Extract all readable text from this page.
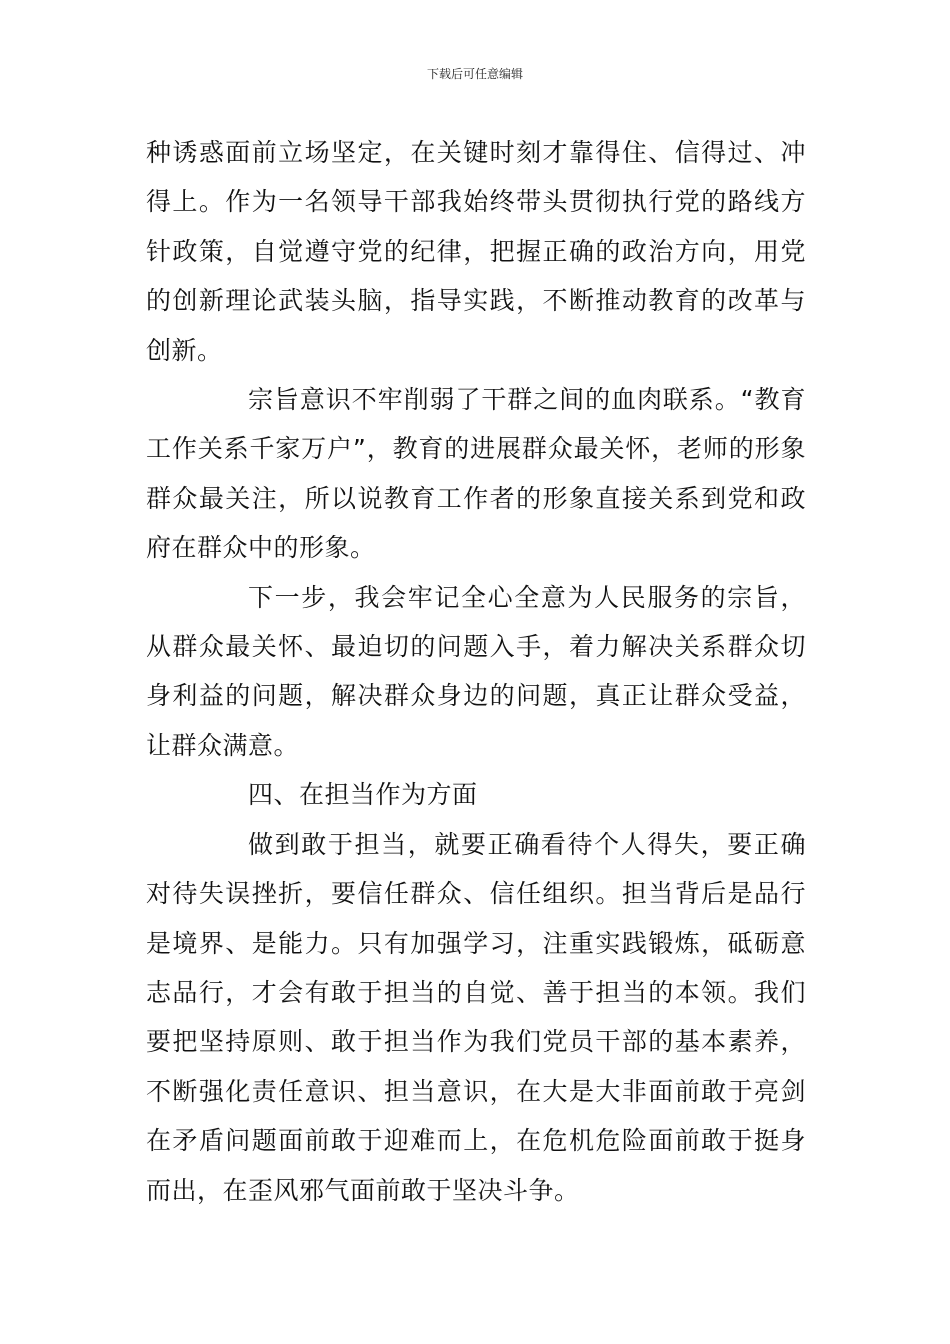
下载后可任意编辑

种诱惑面前立场坚定，在关键时刻才靠得住、信得过、冲得上。作为一名领导干部我始终带头贯彻执行党的路线方针政策，自觉遵守党的纪律，把握正确的政治方向，用党的创新理论武装头脑，指导实践，不断推动教育的改革与创新。

宗旨意识不牢削弱了干群之间的血肉联系。“教育工作关系千家万户”，教育的进展群众最关怀，老师的形象群众最关注，所以说教育工作者的形象直接关系到党和政府在群众中的形象。

下一步，我会牢记全心全意为人民服务的宗旨，从群众最关怀、最迫切的问题入手，着力解决关系群众切身利益的问题，解决群众身边的问题，真正让群众受益，让群众满意。

四、在担当作为方面

做到敢于担当，就要正确看待个人得失，要正确对待失误挫折，要信任群众、信任组织。担当背后是品行是境界、是能力。只有加强学习，注重实践锻炼，砥砺意志品行，才会有敢于担当的自觉、善于担当的本领。我们要把坚持原则、敢于担当作为我们党员干部的基本素养，不断强化责任意识、担当意识，在大是大非面前敢于亮剑在矛盾问题面前敢于迎难而上，在危机危险面前敢于挺身而出，在歪风邪气面前敢于坚决斗争。
